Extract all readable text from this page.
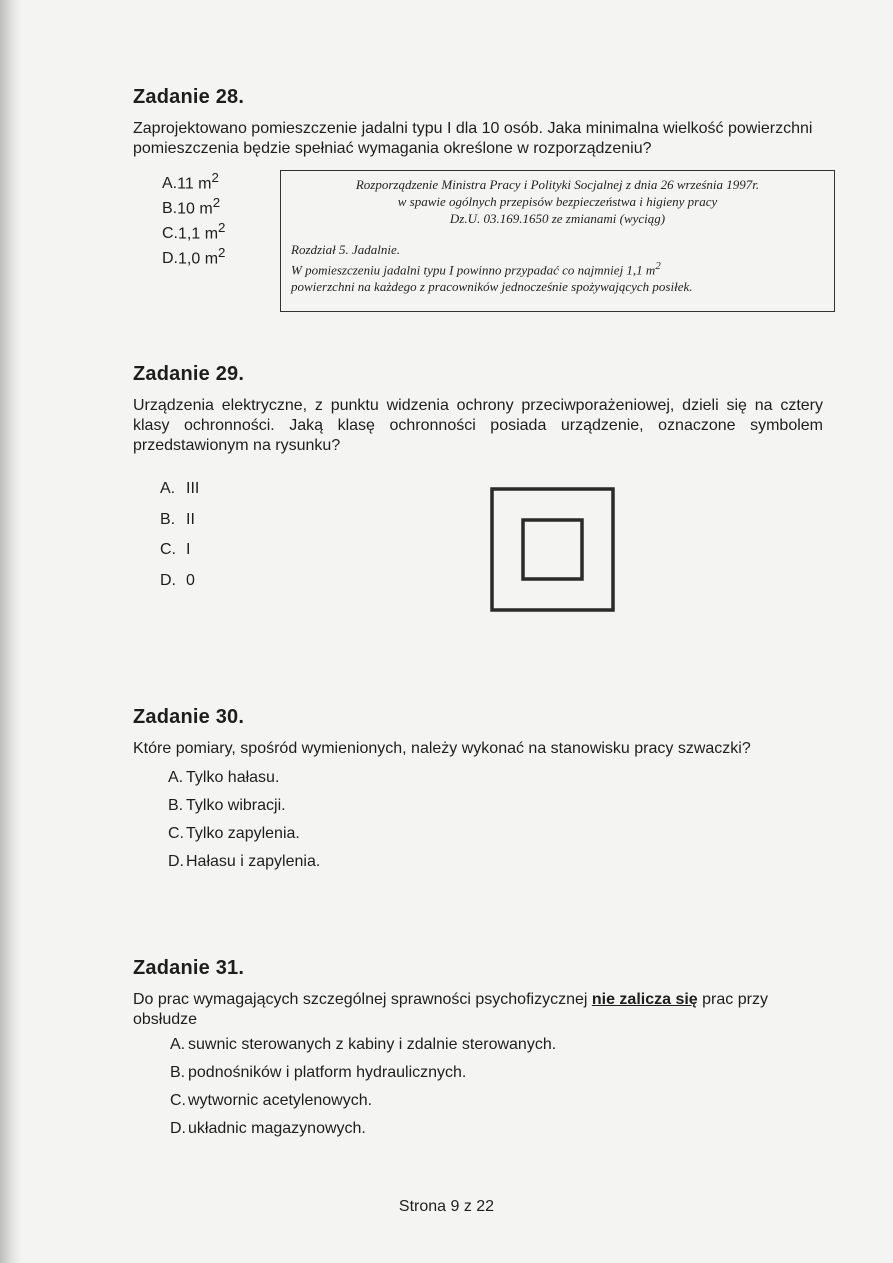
Zadanie 28.

Zaprojektowano pomieszczenie jadalni typu I dla 10 osób. Jaka minimalna wielkość powierzchni pomieszczenia będzie spełniać wymagania określone w rozporządzeniu?

A.11 $m^2$
B.10 $m^2$
C.1,1 $m^2$
D.1,0 $m^2$
Rozporządzenie Ministra Pracy i Polityki Socjalnej z dnia 26 września 1997r.
w spawie ogólnych przepisów bezpieczeństwa i higieny pracy
Dz.U. 03.169.1650 ze zmianami (wyciąg)
Rozdział 5. Jadalnie.
W pomieszczeniu jadalni typu I powinno przypadać co najmniej 1,1 $m^2$
powierzchni na każdego z pracowników jednocześnie spożywających posiłek.
Zadanie 29.

Urządzenia elektryczne, z punktu widzenia ochrony przeciwporażeniowej, dzieli się na cztery klasy ochronności. Jaką klasę ochronności posiada urządzenie, oznaczone symbolem przedstawionym na rysunku?

A. III
B. II
C. I
D. 0
Zadanie 30.

Które pomiary, spośród wymienionych, należy wykonać na stanowisku pracy szwaczki?

A. Tylko hałasu.
B. Tylko wibracji.
C. Tylko zapylenia.
D. Hałasu i zapylenia.
Zadanie 31.

Do prac wymagających szczególnej sprawności psychofizycznej nie zalicza się prac przy obsłudze

A. suwnic sterowanych z kabiny i zdalnie sterowanych.
B. podnośników i platform hydraulicznych.
C. wytwornic acetylenowych.
D. układnic magazynowych.
Strona 9 z 22
